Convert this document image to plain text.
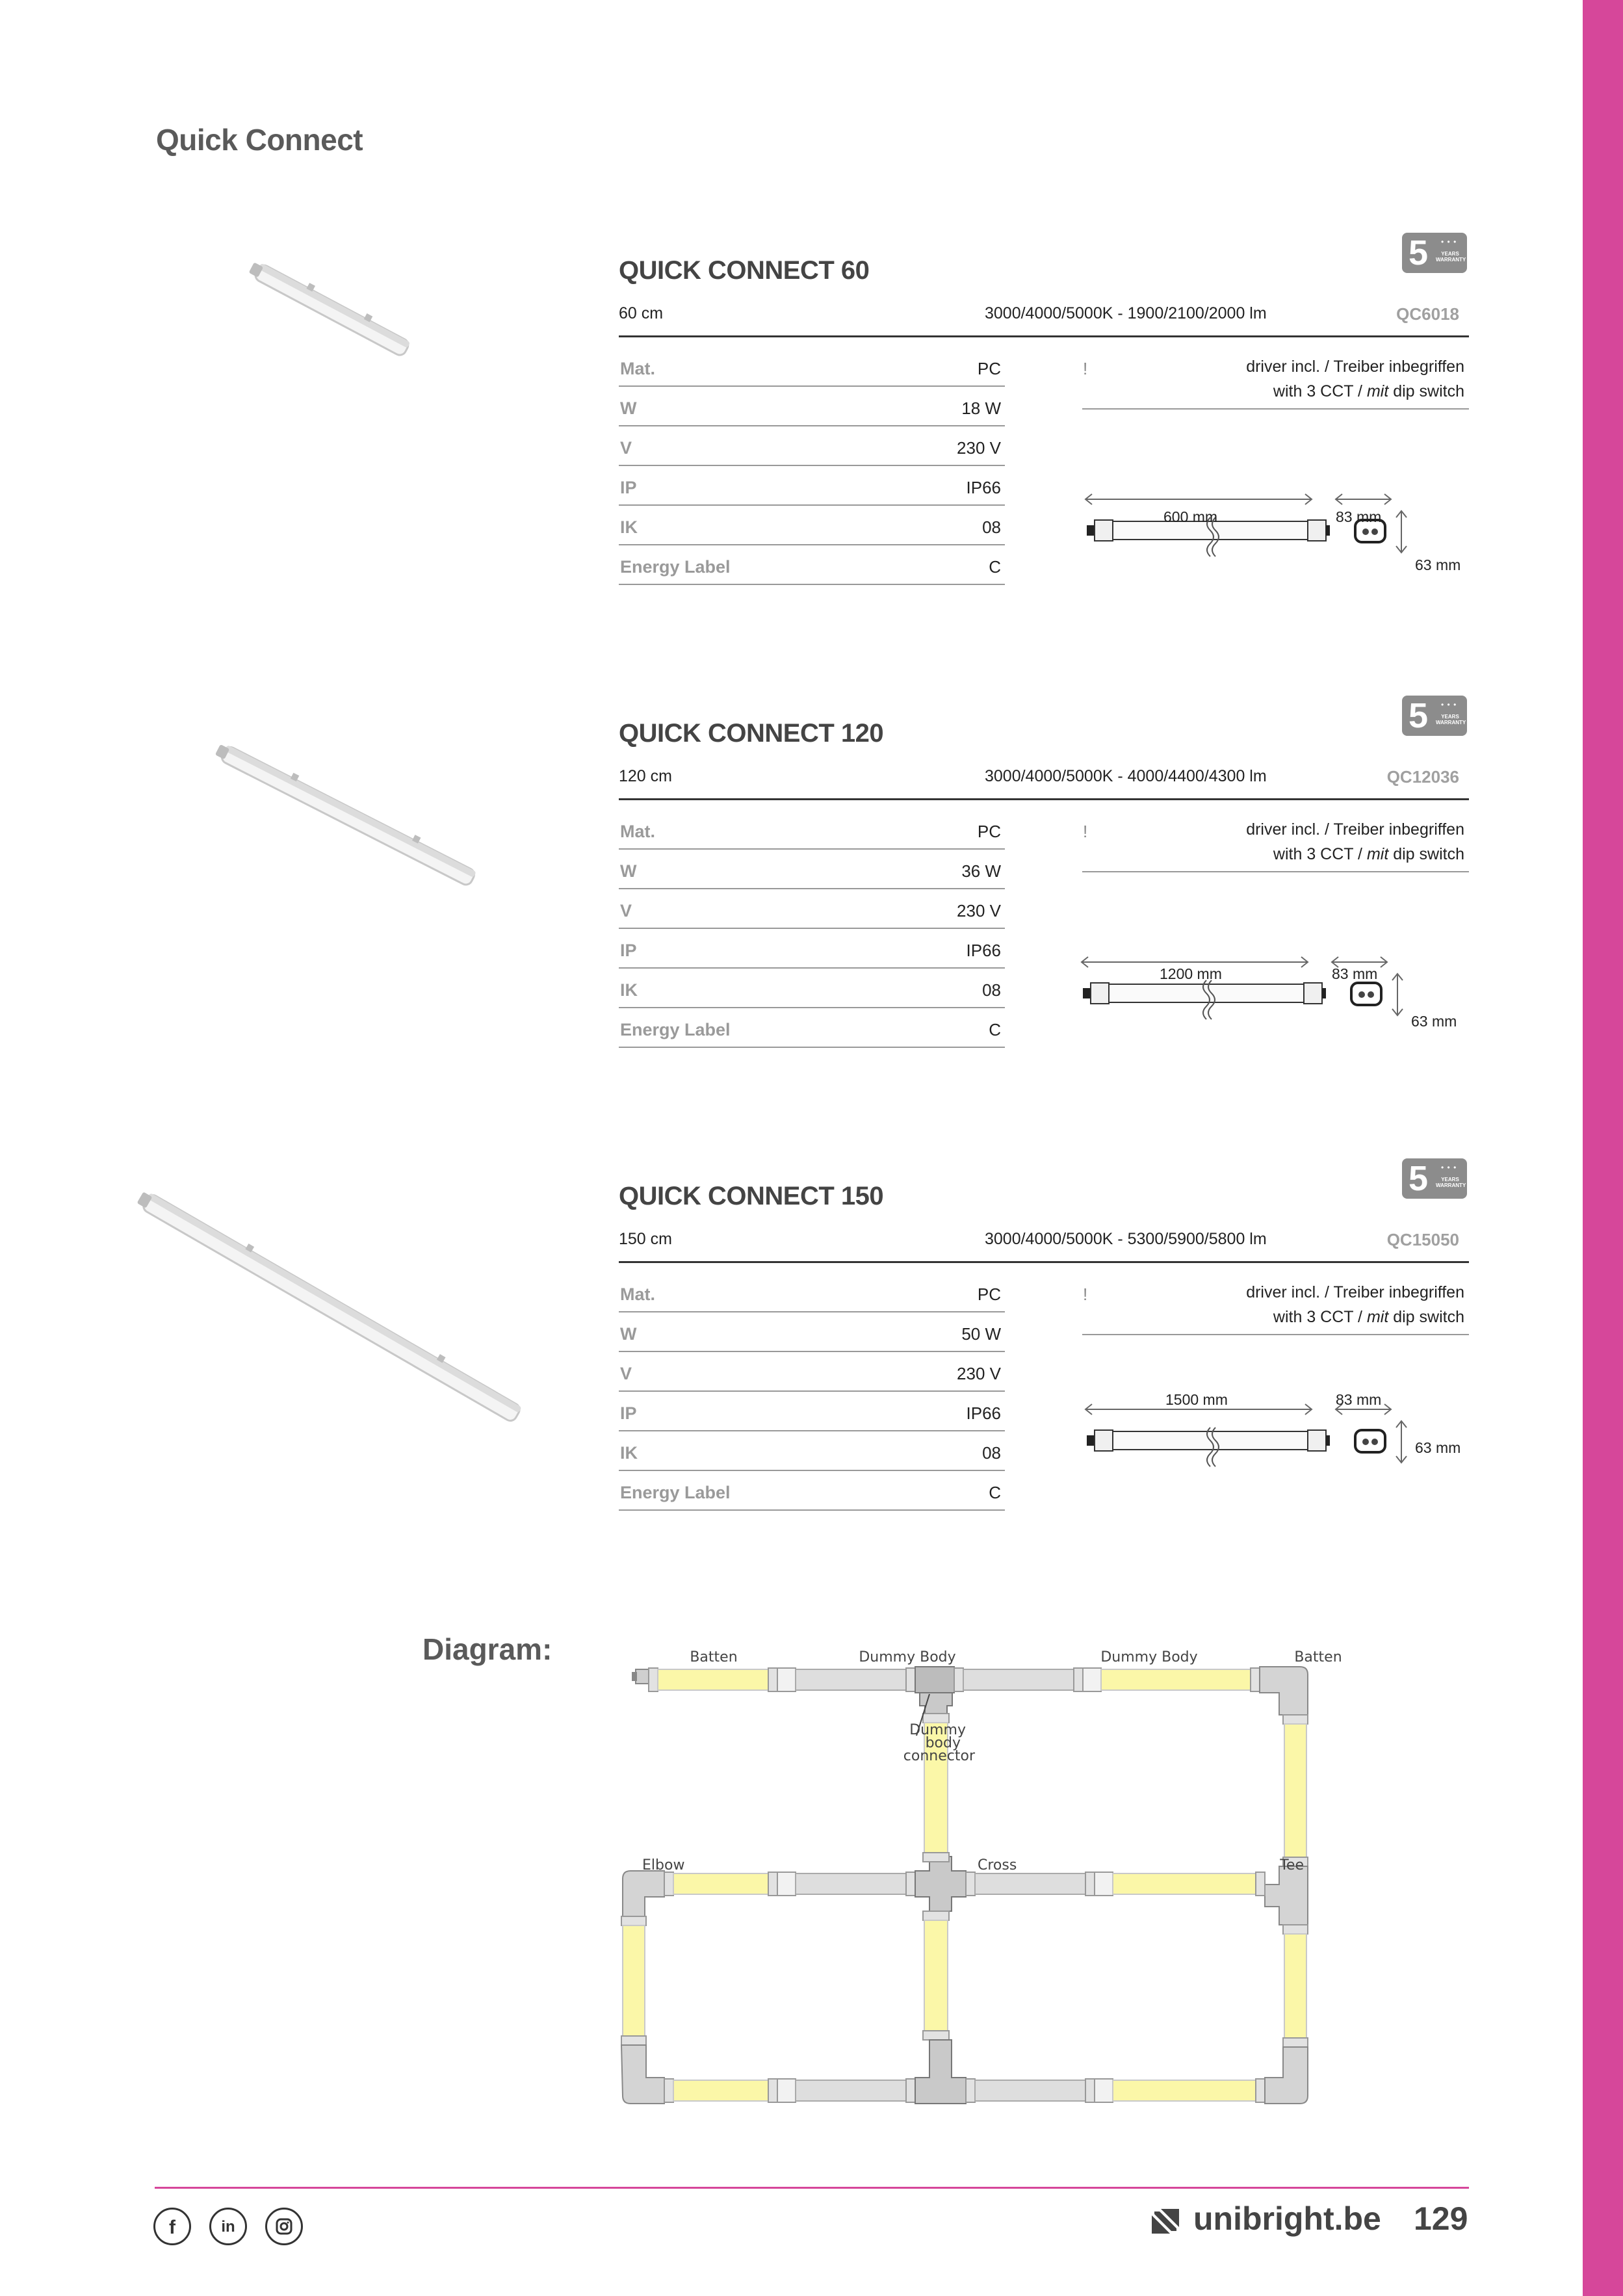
Quick Connect
5 • • •
YEARS WARRANTY
QUICK CONNECT 60
60 cm	3000/4000/5000K - 1900/2100/2000 lm	QC6018
Mat.	PC
W	18 W
V	230 V
IP	IP66
IK	08
Energy Label	C
!	driver incl. / Treiber inbegriffen
with 3 CCT / mit dip switch
600 mm	83 mm
63 mm
5 • • •
YEARS WARRANTY
QUICK CONNECT 120
120 cm	3000/4000/5000K - 4000/4400/4300 lm	QC12036
Mat.	PC
W	36 W
V	230 V
IP	IP66
IK	08
Energy Label	C
!	driver incl. / Treiber inbegriffen
with 3 CCT / mit dip switch
1200 mm	83 mm
63 mm
5 • • •
YEARS WARRANTY
QUICK CONNECT 150
150 cm	3000/4000/5000K - 5300/5900/5800 lm	QC15050
Mat.	PC
W	50 W
V	230 V
IP	IP66
IK	08
Energy Label	C
!	driver incl. / Treiber inbegriffen
with 3 CCT / mit dip switch
1500 mm	83 mm
63 mm
Diagram:	Batten	Dummy Body	Dummy Body	Batten
Dummy
body
connector
Elbow	Cross	Tee
f	in	unibright.be 129
